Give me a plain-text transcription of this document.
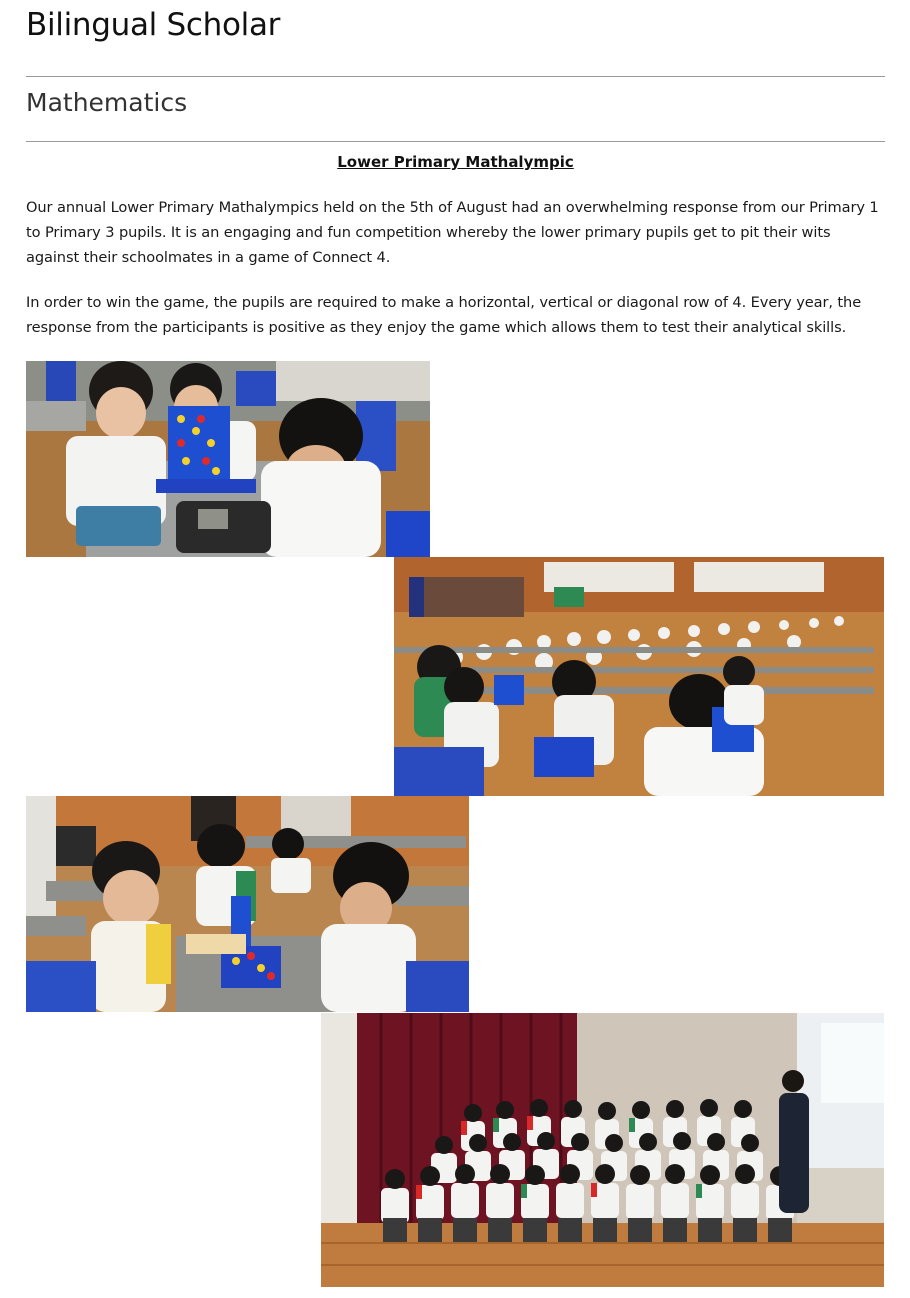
Bilingual Scholar
Mathematics
Lower Primary Mathalympic

Our annual Lower Primary Mathalympics held on the 5th of August had an overwhelming response from our Primary 1 to Primary 3 pupils. It is an engaging and fun competition whereby the lower primary pupils get to pit their wits against their schoolmates in a game of Connect 4.

In order to win the game, the pupils are required to make a horizontal, vertical or diagonal row of 4. Every year, the response from the participants is positive as they enjoy the game which allows them to test their analytical skills.
